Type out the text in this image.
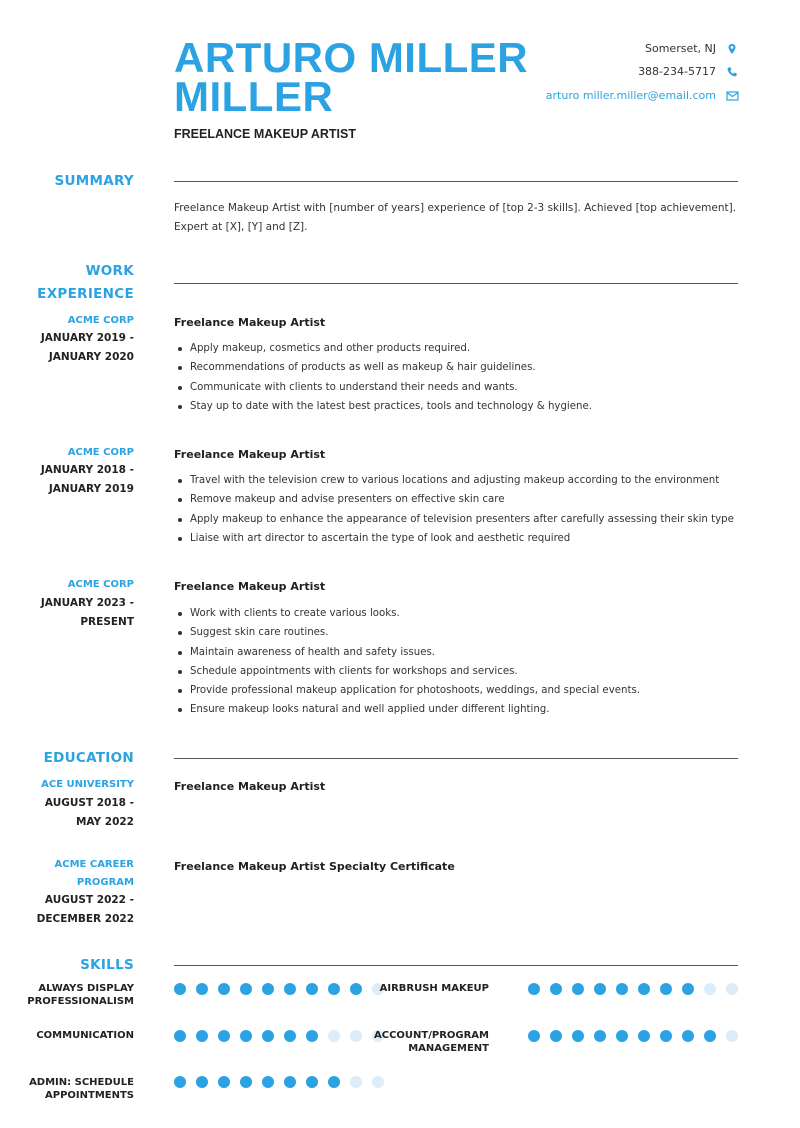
ARTURO MILLER
MILLER
FREELANCE MAKEUP ARTIST
Somerset, NJ
388-234-5717
arturo miller.miller@email.com
SUMMARY
Freelance Makeup Artist with [number of years] experience of [top 2-3 skills]. Achieved [top achievement]. Expert at [X], [Y] and [Z].
WORK
EXPERIENCE
ACME CORP
JANUARY 2019 -
JANUARY 2020
Freelance Makeup Artist
Apply makeup, cosmetics and other products required.
Recommendations of products as well as makeup & hair guidelines.
Communicate with clients to understand their needs and wants.
Stay up to date with the latest best practices, tools and technology & hygiene.
ACME CORP
JANUARY 2018 -
JANUARY 2019
Freelance Makeup Artist
Travel with the television crew to various locations and adjusting makeup according to the environment
Remove makeup and advise presenters on effective skin care
Apply makeup to enhance the appearance of television presenters after carefully assessing their skin type
Liaise with art director to ascertain the type of look and aesthetic required
ACME CORP
JANUARY 2023 -
PRESENT
Freelance Makeup Artist
Work with clients to create various looks.
Suggest skin care routines.
Maintain awareness of health and safety issues.
Schedule appointments with clients for workshops and services.
Provide professional makeup application for photoshoots, weddings, and special events.
Ensure makeup looks natural and well applied under different lighting.
EDUCATION
ACE UNIVERSITY
AUGUST 2018 -
MAY 2022
Freelance Makeup Artist
ACME CAREER
PROGRAM
AUGUST 2022 -
DECEMBER 2022
Freelance Makeup Artist Specialty Certificate
SKILLS
ALWAYS DISPLAY
PROFESSIONALISM
AIRBRUSH MAKEUP
COMMUNICATION	ACCOUNT/PROGRAM
MANAGEMENT
ADMIN: SCHEDULE
APPOINTMENTS
